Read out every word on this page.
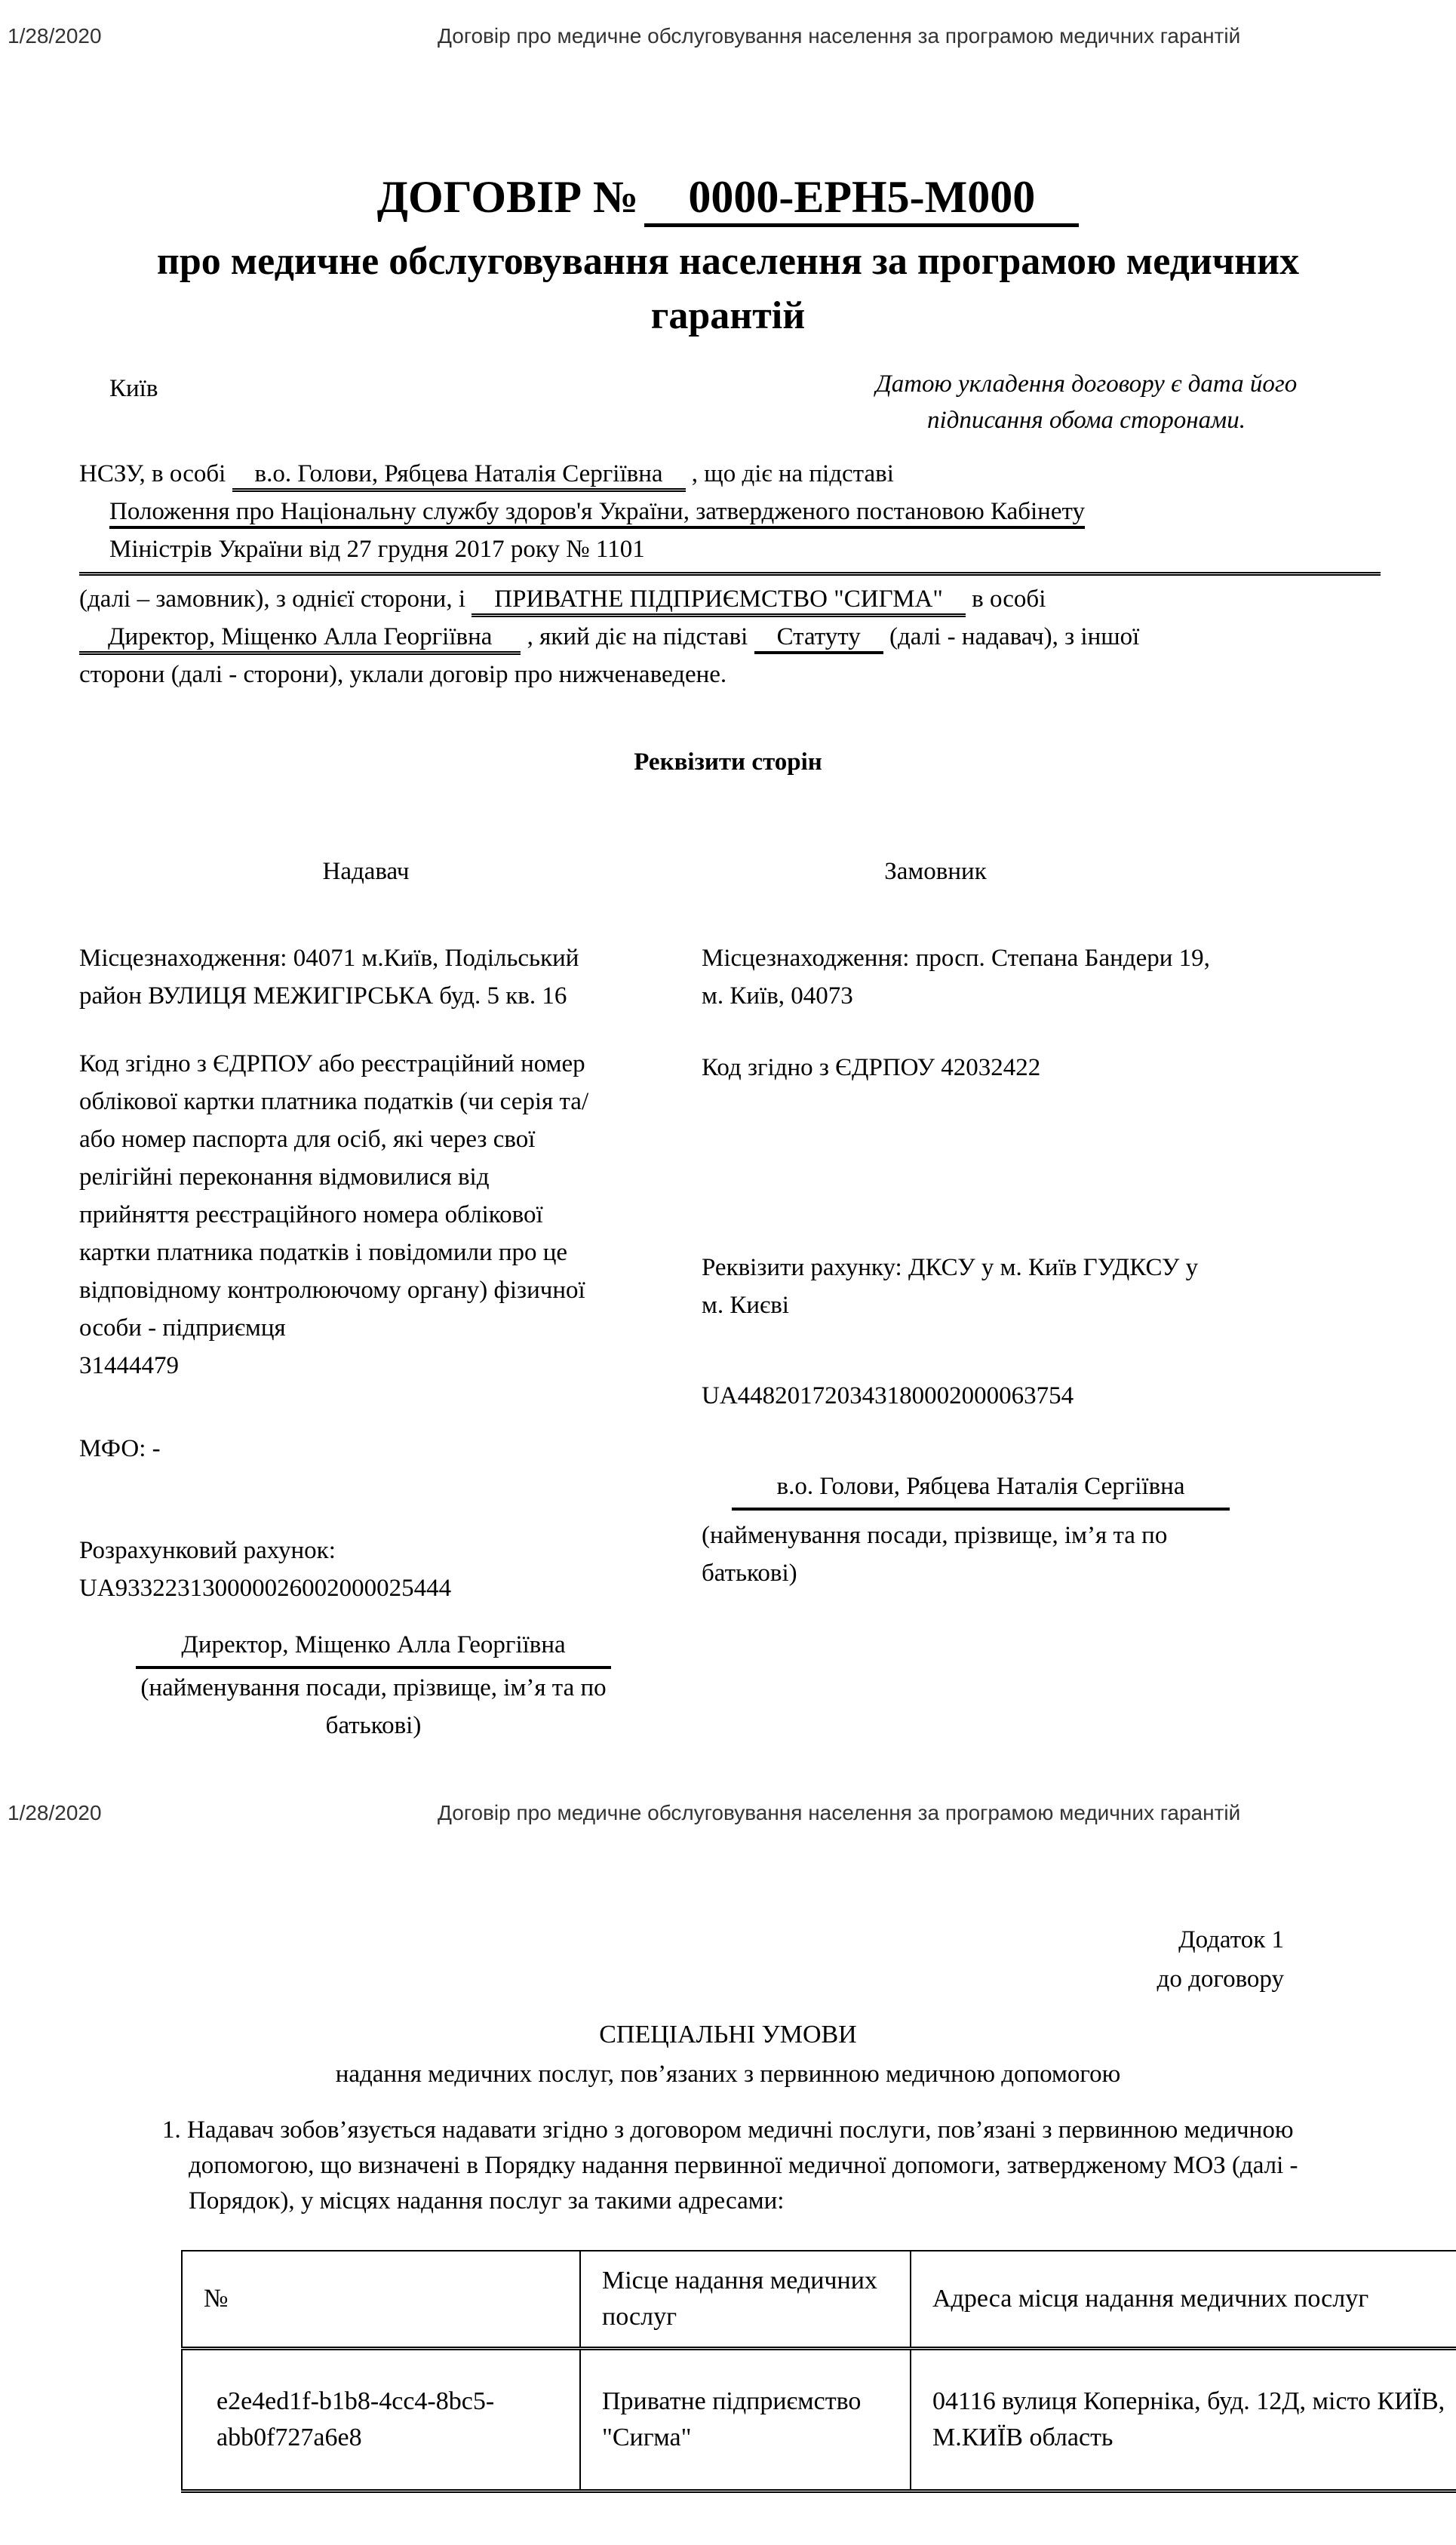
1/28/2020	Договір про медичне обслуговування населення за програмою медичних гарантій
ДОГОВІР № 0000-EPH5-M000
про медичне обслуговування населення за програмою медичних
гарантій
Київ	Датою укладення договору є дата його підписання обома сторонами.
НСЗУ, в особі в.о. Голови, Рябцева Наталія Сергіївна , що діє на підставі
Положення про Національну службу здоров'я України, затвердженого постановою Кабінету
Міністрів України від 27 грудня 2017 року № 1101
(далі – замовник), з однієї сторони, і ПРИВАТНЕ ПІДПРИЄМСТВО "СИГМА" в особі
Директор, Міщенко Алла Георгіївна , який діє на підставі Статуту (далі - надавач), з іншої
сторони (далі - сторони), уклали договір про нижченаведене.
Реквізити сторін
Надавач	Замовник
Місцезнаходження: 04071 м.Київ, Подільський
район ВУЛИЦЯ МЕЖИГІРСЬКА буд. 5 кв. 16
Код згідно з ЄДРПОУ або реєстраційний номер
облікової картки платника податків (чи серія та/
або номер паспорта для осіб, які через свої
релігійні переконання відмовилися від
прийняття реєстраційного номера облікової
картки платника податків і повідомили про це
відповідному контролюючому органу) фізичної
особи - підприємця
31444479
МФО: -
Розрахунковий рахунок:
UA933223130000026002000025444
Директор, Міщенко Алла Георгіївна
(найменування посади, прізвище, ім’я та по
батькові)
Місцезнаходження: просп. Степана Бандери 19,
м. Київ, 04073
Код згідно з ЄДРПОУ 42032422
Реквізити рахунку: ДКСУ у м. Київ ГУДКСУ у
м. Києві
UA448201720343180002000063754
в.о. Голови, Рябцева Наталія Сергіївна
(найменування посади, прізвище, ім’я та по
батькові)
1/28/2020	Договір про медичне обслуговування населення за програмою медичних гарантій
Додаток 1
до договору
СПЕЦІАЛЬНІ УМОВИ
надання медичних послуг, пов’язаних з первинною медичною допомогою
1. Надавач зобов’язується надавати згідно з договором медичні послуги, пов’язані з первинною медичною допомогою, що визначені в Порядку надання первинної медичної допомоги, затвердженому МОЗ (далі - Порядок), у місцях надання послуг за такими адресами:
№	Місце надання медичних послуг	Адреса місця надання медичних послуг
e2e4ed1f-b1b8-4cc4-8bc5-abb0f727a6e8	Приватне підприємство "Сигма"	04116 вулиця Коперніка, буд. 12Д, місто КИЇВ, М.КИЇВ область
